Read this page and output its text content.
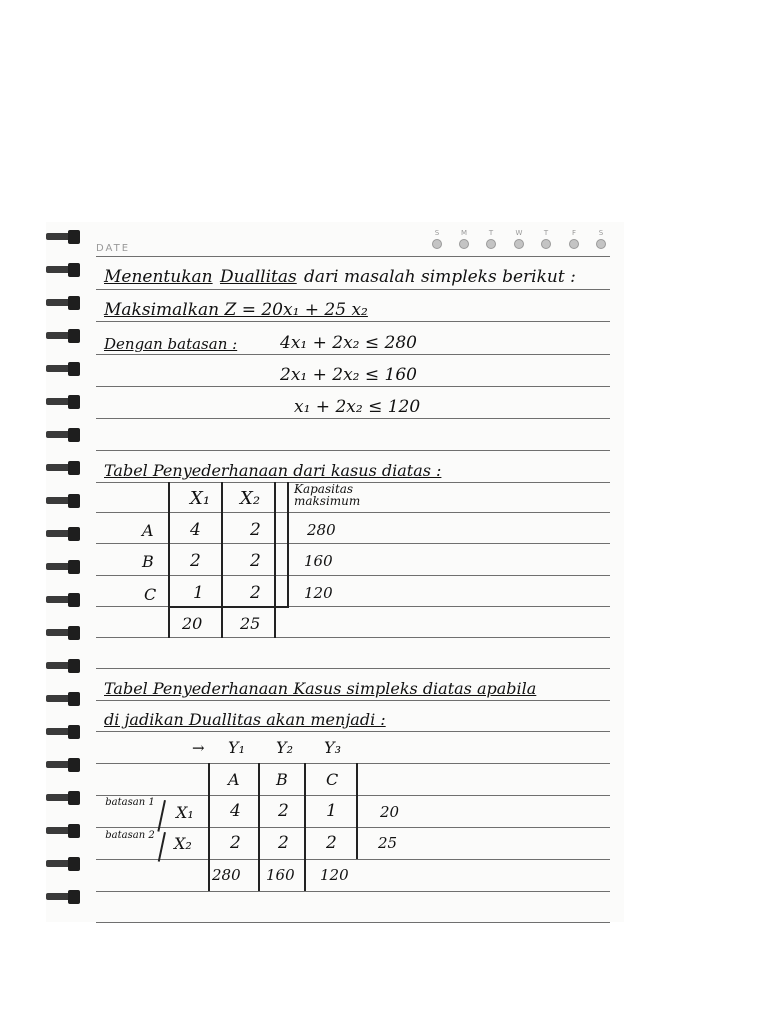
DATE
S	M	T	W	T	F	S
Menentukan Duallitas dari masalah simpleks berikut :
Maksimalkan Z = 20x₁ + 25 x₂
Dengan batasan :	4x₁ + 2x₂ ≤ 280
2x₁ + 2x₂ ≤ 160
x₁ + 2x₂ ≤ 120
Tabel Penyederhanaan dari kasus diatas :
X₁ X₂	Kapasitas maksimum
A 4	2	280
B 2	2	160
C 1	2	120
20 25
Tabel Penyederhanaan Kasus simpleks diatas apabila
di jadikan Duallitas akan menjadi :
→ Y₁ Y₂ Y₃
A B C
batasan 1
X₁ 4 2 1	20
batasan 2	X₂ 2 2 2	25
280 160 120
